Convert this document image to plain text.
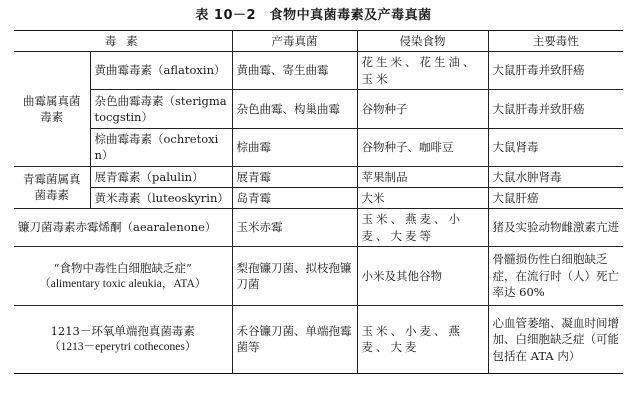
表 10－2　食物中真菌毒素及产毒真菌
毒 素		产毒真菌	侵染食物	主要毒性
曲霉属真菌毒素	黄曲霉毒素（aflatoxin）	黄曲霉、寄生曲霉	花生米、花生油、玉米	大鼠肝毒并致肝癌
	杂色曲霉毒素（sterigmatocgstin）	杂色曲霉、构巢曲霉	谷物种子	大鼠肝毒并致肝癌
	棕曲霉毒素（ochretoxin）	棕曲霉	谷物种子、咖啡豆	大鼠肾毒
青霉菌属真菌毒素	展青霉素（palulin）	展青霉	苹果制品	大鼠水肿肾毒
	黄米毒素（luteoskyrin）	岛青霉	大米	大鼠肝癌
镰刀菌毒素赤霉烯酮（aearalenone）		玉米赤霉	玉米、燕麦、小麦、大麦等	猪及实验动物雌激素亢进

“食物中毒性白细胞缺乏症”
（alimentary toxic aleukia，ATA）		梨孢镰刀菌、拟枝孢镰刀菌	小米及其他谷物	骨髓损伤性白细胞缺乏症，在流行时（人）死亡率达 60%

1213－环氧单端孢真菌毒素
（1213－eperytri cothecones）		禾谷镰刀菌、单端孢霉菌等	玉米、小麦、燕麦、大麦	心血管萎缩、凝血时间增加、白细胞缺乏症（可能包括在 ATA 内）
